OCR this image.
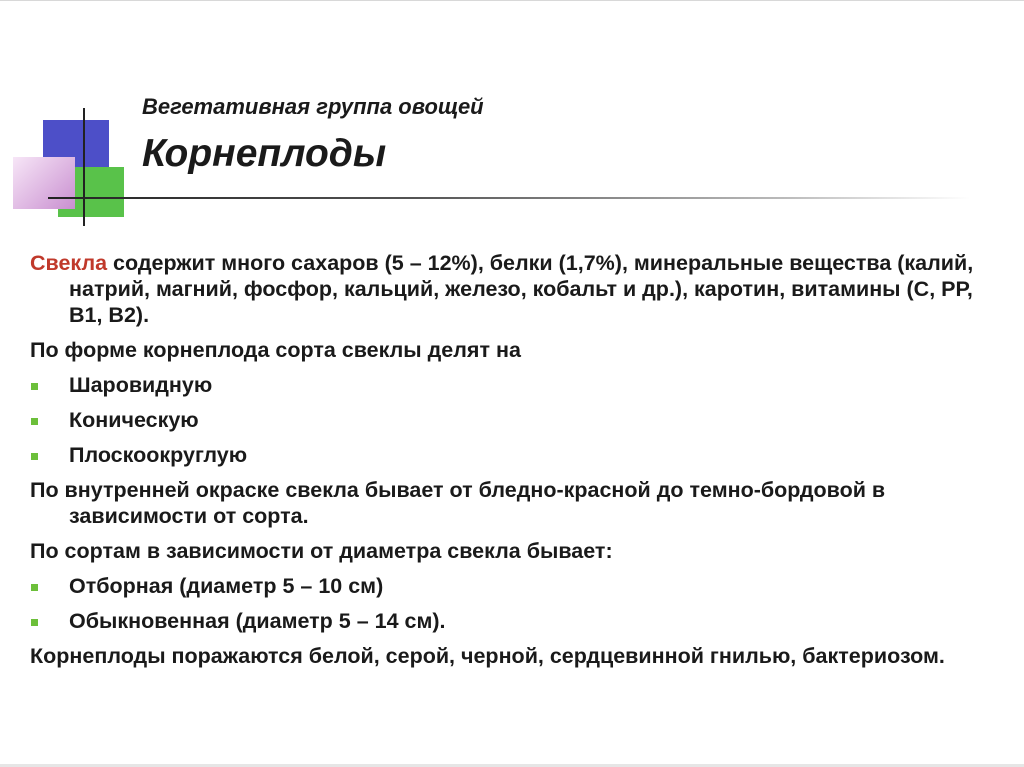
Вегетативная группа овощей
Корнеплоды

Свекла содержит много сахаров (5 – 12%), белки (1,7%), минеральные вещества (калий, натрий, магний, фосфор, кальций, железо, кобальт и др.), каротин, витамины (С, РР, В1, В2).

По форме корнеплода сорта свеклы делят на

Шаровидную
Коническую
Плоскоокруглую

По внутренней окраске свекла бывает от бледно-красной до темно-бордовой в зависимости от сорта.

По сортам в зависимости от диаметра свекла бывает:

Отборная (диаметр 5 – 10 см)
Обыкновенная (диаметр 5 – 14 см).

Корнеплоды поражаются белой, серой, черной, сердцевинной гнилью, бактериозом.
